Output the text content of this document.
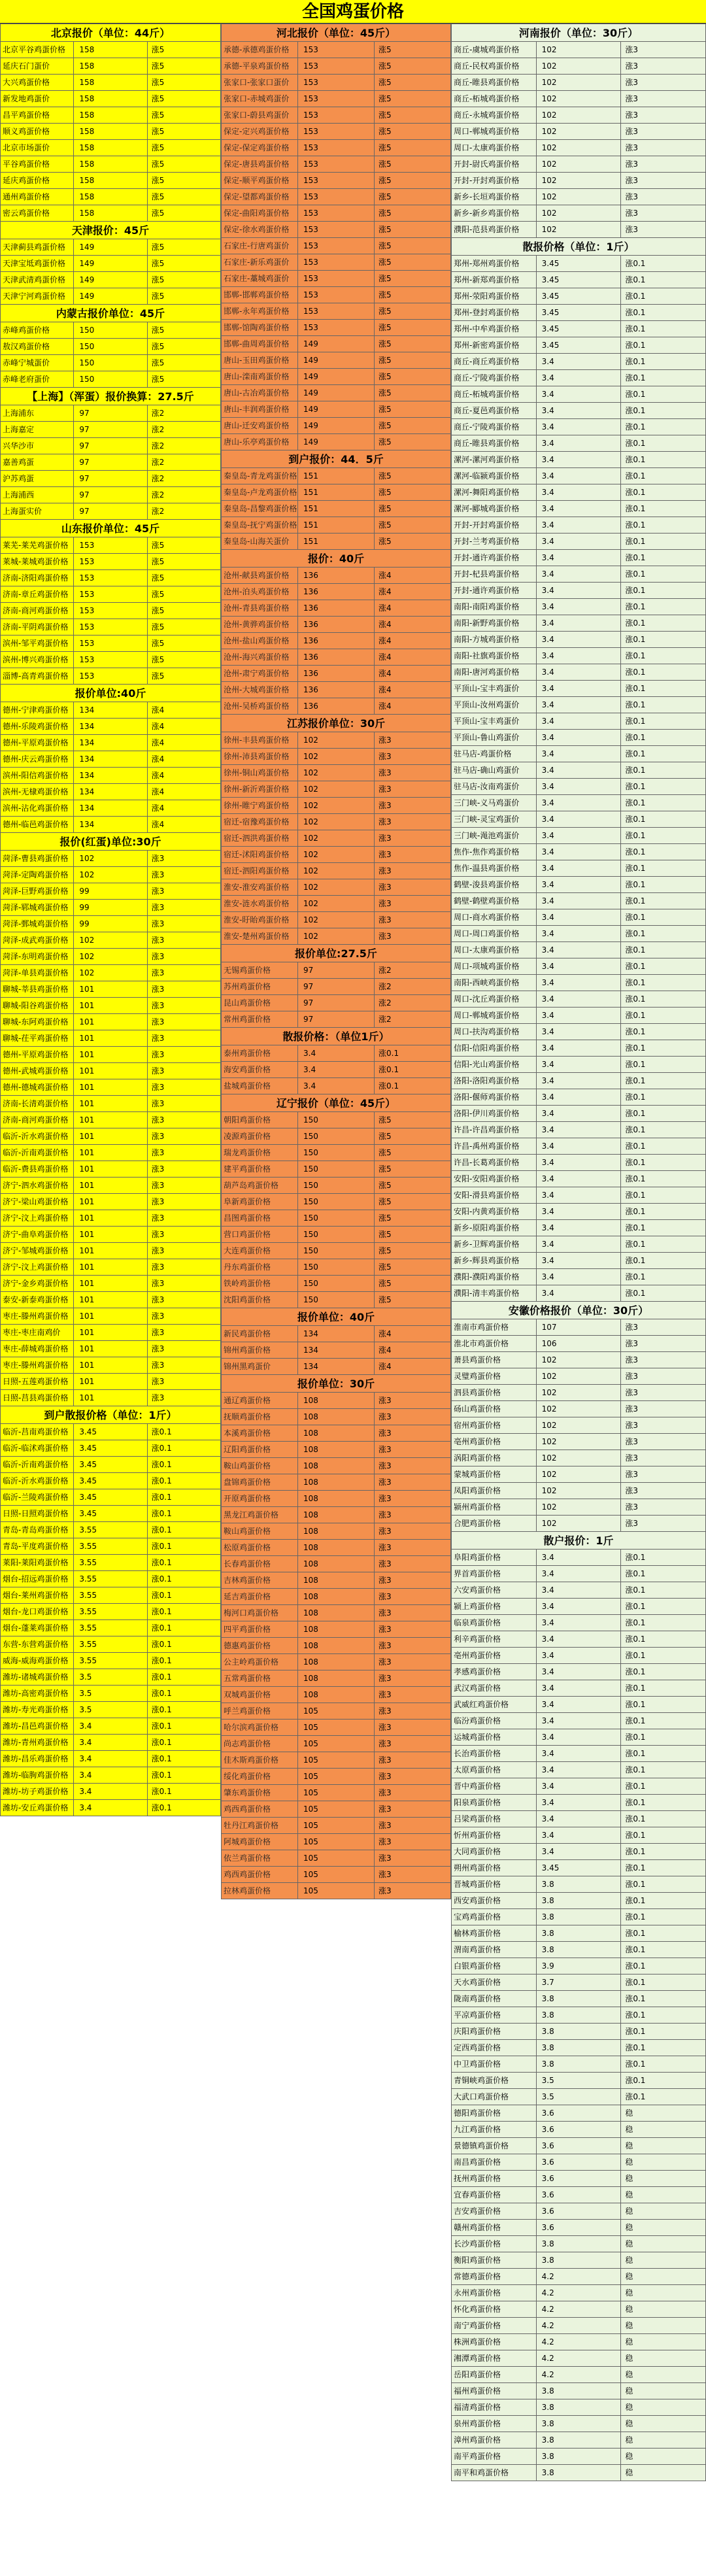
全国鸡蛋价格
北京报价（单位：44斤）		
北京平谷鸡蛋价格	158	涨5
延庆石门蛋价	158	涨5
大兴鸡蛋价格	158	涨5
新发地鸡蛋价	158	涨5
昌平鸡蛋价格	158	涨5
顺义鸡蛋价格	158	涨5
北京市场蛋价	158	涨5
平谷鸡蛋价格	158	涨5
延庆鸡蛋价格	158	涨5
通州鸡蛋价格	158	涨5
密云鸡蛋价格	158	涨5
天津报价：45斤		
天津蓟县鸡蛋价格	149	涨5
天津宝坻鸡蛋价格	149	涨5
天津武清鸡蛋价格	149	涨5
天津宁河鸡蛋价格	149	涨5
内蒙古报价单位：45斤		
赤峰鸡蛋价格	150	涨5
敖汉鸡蛋价格	150	涨5
赤峰宁城蛋价	150	涨5
赤峰老府蛋价	150	涨5
【上海】（浑蛋）报价换算：27.5斤		
上海浦东	97	涨2
上海嘉定	97	涨2
兴华沙市	97	涨2
嘉善鸡蛋	97	涨2
沪苏鸡蛋	97	涨2
上海浦西	97	涨2
上海蛋实价	97	涨2
山东报价单位：45斤		
莱芜-莱芜鸡蛋价格	153	涨5
莱城-莱城鸡蛋价格	153	涨5
济南-济阳鸡蛋价格	153	涨5
济南-章丘鸡蛋价格	153	涨5
济南-商河鸡蛋价格	153	涨5
济南-平阴鸡蛋价格	153	涨5
滨州-邹平鸡蛋价格	153	涨5
滨州-博兴鸡蛋价格	153	涨5
淄博-高青鸡蛋价格	153	涨5
报价单位:40斤		
德州-宁津鸡蛋价格	134	涨4
德州-乐陵鸡蛋价格	134	涨4
德州-平原鸡蛋价格	134	涨4
德州-庆云鸡蛋价格	134	涨4
滨州-阳信鸡蛋价格	134	涨4
滨州-无棣鸡蛋价格	134	涨4
滨州-沾化鸡蛋价格	134	涨4
德州-临邑鸡蛋价格	134	涨4
报价(红蛋)单位:30斤		
菏泽-曹县鸡蛋价格	102	涨3
菏泽-定陶鸡蛋价格	102	涨3
菏泽-巨野鸡蛋价格	99	涨3
菏泽-郓城鸡蛋价格	99	涨3
菏泽-鄄城鸡蛋价格	99	涨3
菏泽-成武鸡蛋价格	102	涨3
菏泽-东明鸡蛋价格	102	涨3
菏泽-单县鸡蛋价格	102	涨3
聊城-莘县鸡蛋价格	101	涨3
聊城-阳谷鸡蛋价格	101	涨3
聊城-东阿鸡蛋价格	101	涨3
聊城-茌平鸡蛋价格	101	涨3
德州-平原鸡蛋价格	101	涨3
德州-武城鸡蛋价格	101	涨3
德州-德城鸡蛋价格	101	涨3
济南-长清鸡蛋价格	101	涨3
济南-商河鸡蛋价格	101	涨3
临沂-沂水鸡蛋价格	101	涨3
临沂-沂南鸡蛋价格	101	涨3
临沂-费县鸡蛋价格	101	涨3
济宁-泗水鸡蛋价格	101	涨3
济宁-梁山鸡蛋价格	101	涨3
济宁-汶上鸡蛋价格	101	涨3
济宁-曲阜鸡蛋价格	101	涨3
济宁-邹城鸡蛋价格	101	涨3
济宁-汶上鸡蛋价格	101	涨3
济宁-金乡鸡蛋价格	101	涨3
泰安-新泰鸡蛋价格	101	涨3
枣庄-滕州鸡蛋价格	101	涨3
枣庄-枣庄南鸡价	101	涨3
枣庄-薛城鸡蛋价格	101	涨3
枣庄-滕州鸡蛋价格	101	涨3
日照-五莲鸡蛋价格	101	涨3
日照-莒县鸡蛋价格	101	涨3
到户散报价格（单位：1斤）		
临沂-莒南鸡蛋价格	3.45	涨0.1
临沂-临沭鸡蛋价格	3.45	涨0.1
临沂-沂南鸡蛋价格	3.45	涨0.1
临沂-沂水鸡蛋价格	3.45	涨0.1
临沂-兰陵鸡蛋价格	3.45	涨0.1
日照-日照鸡蛋价格	3.45	涨0.1
青岛-青岛鸡蛋价格	3.55	涨0.1
青岛-平度鸡蛋价格	3.55	涨0.1
莱阳-莱阳鸡蛋价格	3.55	涨0.1
烟台-招远鸡蛋价格	3.55	涨0.1
烟台-莱州鸡蛋价格	3.55	涨0.1
烟台-龙口鸡蛋价格	3.55	涨0.1
烟台-蓬莱鸡蛋价格	3.55	涨0.1
东营-东营鸡蛋价格	3.55	涨0.1
威海-威海鸡蛋价格	3.55	涨0.1
潍坊-诸城鸡蛋价格	3.5	涨0.1
潍坊-高密鸡蛋价格	3.5	涨0.1
潍坊-寿光鸡蛋价格	3.5	涨0.1
潍坊-昌邑鸡蛋价格	3.4	涨0.1
潍坊-青州鸡蛋价格	3.4	涨0.1
潍坊-昌乐鸡蛋价格	3.4	涨0.1
潍坊-临朐鸡蛋价格	3.4	涨0.1
潍坊-坊子鸡蛋价格	3.4	涨0.1
潍坊-安丘鸡蛋价格	3.4	涨0.1
河北报价（单位：45斤）		
承德-承德鸡蛋价格	153	涨5
承德-平泉鸡蛋价格	153	涨5
张家口-张家口蛋价	153	涨5
张家口-赤城鸡蛋价	153	涨5
张家口-蔚县鸡蛋价	153	涨5
保定-定兴鸡蛋价格	153	涨5
保定-保定鸡蛋价格	153	涨5
保定-唐县鸡蛋价格	153	涨5
保定-顺平鸡蛋价格	153	涨5
保定-望都鸡蛋价格	153	涨5
保定-曲阳鸡蛋价格	153	涨5
保定-徐水鸡蛋价格	153	涨5
石家庄-行唐鸡蛋价	153	涨5
石家庄-新乐鸡蛋价	153	涨5
石家庄-藁城鸡蛋价	153	涨5
邯郸-邯郸鸡蛋价格	153	涨5
邯郸-永年鸡蛋价格	153	涨5
邯郸-馆陶鸡蛋价格	153	涨5
邯郸-曲周鸡蛋价格	149	涨5
唐山-玉田鸡蛋价格	149	涨5
唐山-滦南鸡蛋价格	149	涨5
唐山-古冶鸡蛋价格	149	涨5
唐山-丰润鸡蛋价格	149	涨5
唐山-迁安鸡蛋价格	149	涨5
唐山-乐亭鸡蛋价格	149	涨5
到户报价：44．5斤		
秦皇岛-青龙鸡蛋价格	151	涨5
秦皇岛-卢龙鸡蛋价格	151	涨5
秦皇岛-昌黎鸡蛋价格	151	涨5
秦皇岛-抚宁鸡蛋价格	151	涨5
秦皇岛-山海关蛋价	151	涨5
报价：40斤		
沧州-献县鸡蛋价格	136	涨4
沧州-泊头鸡蛋价格	136	涨4
沧州-青县鸡蛋价格	136	涨4
沧州-黄骅鸡蛋价格	136	涨4
沧州-盐山鸡蛋价格	136	涨4
沧州-海兴鸡蛋价格	136	涨4
沧州-肃宁鸡蛋价格	136	涨4
沧州-大城鸡蛋价格	136	涨4
沧州-吴桥鸡蛋价格	136	涨4
江苏报价单位：30斤		
徐州-丰县鸡蛋价格	102	涨3
徐州-沛县鸡蛋价格	102	涨3
徐州-铜山鸡蛋价格	102	涨3
徐州-新沂鸡蛋价格	102	涨3
徐州-睢宁鸡蛋价格	102	涨3
宿迁-宿豫鸡蛋价格	102	涨3
宿迁-泗洪鸡蛋价格	102	涨3
宿迁-沭阳鸡蛋价格	102	涨3
宿迁-泗阳鸡蛋价格	102	涨3
淮安-淮安鸡蛋价格	102	涨3
淮安-涟水鸡蛋价格	102	涨3
淮安-盱眙鸡蛋价格	102	涨3
淮安-楚州鸡蛋价格	102	涨3
报价单位:27.5斤		
无锡鸡蛋价格	97	涨2
苏州鸡蛋价格	97	涨2
昆山鸡蛋价格	97	涨2
常州鸡蛋价格	97	涨2
散报价格：（单位1斤）		
泰州鸡蛋价格	3.4	涨0.1
海安鸡蛋价格	3.4	涨0.1
盐城鸡蛋价格	3.4	涨0.1
辽宁报价（单位：45斤）		
朝阳鸡蛋价格	150	涨5
凌源鸡蛋价格	150	涨5
瑞龙鸡蛋价格	150	涨5
建平鸡蛋价格	150	涨5
葫芦岛鸡蛋价格	150	涨5
阜新鸡蛋价格	150	涨5
昌图鸡蛋价格	150	涨5
营口鸡蛋价格	150	涨5
大连鸡蛋价格	150	涨5
丹东鸡蛋价格	150	涨5
铁岭鸡蛋价格	150	涨5
沈阳鸡蛋价格	150	涨5
报价单位：40斤		
新民鸡蛋价格	134	涨4
锦州鸡蛋价格	134	涨4
锦州黑鸡蛋价	134	涨4
报价单位：30斤		
通辽鸡蛋价格	108	涨3
抚顺鸡蛋价格	108	涨3
本溪鸡蛋价格	108	涨3
辽阳鸡蛋价格	108	涨3
鞍山鸡蛋价格	108	涨3
盘锦鸡蛋价格	108	涨3
开原鸡蛋价格	108	涨3
黑龙江鸡蛋价格	108	涨3
鞍山鸡蛋价格	108	涨3
松原鸡蛋价格	108	涨3
长春鸡蛋价格	108	涨3
吉林鸡蛋价格	108	涨3
延吉鸡蛋价格	108	涨3
梅河口鸡蛋价格	108	涨3
四平鸡蛋价格	108	涨3
德惠鸡蛋价格	108	涨3
公主岭鸡蛋价格	108	涨3
五常鸡蛋价格	108	涨3
双城鸡蛋价格	108	涨3
呼兰鸡蛋价格	105	涨3
哈尔滨鸡蛋价格	105	涨3
尚志鸡蛋价格	105	涨3
佳木斯鸡蛋价格	105	涨3
绥化鸡蛋价格	105	涨3
肇东鸡蛋价格	105	涨3
鸡西鸡蛋价格	105	涨3
牡丹江鸡蛋价格	105	涨3
阿城鸡蛋价格	105	涨3
依兰鸡蛋价格	105	涨3
鸡西鸡蛋价格	105	涨3
拉林鸡蛋价格	105	涨3
河南报价（单位：30斤）		
商丘-虞城鸡蛋价格	102	涨3
商丘-民权鸡蛋价格	102	涨3
商丘-睢县鸡蛋价格	102	涨3
商丘-柘城鸡蛋价格	102	涨3
商丘-永城鸡蛋价格	102	涨3
周口-郸城鸡蛋价格	102	涨3
周口-太康鸡蛋价格	102	涨3
开封-尉氏鸡蛋价格	102	涨3
开封-开封鸡蛋价格	102	涨3
新乡-长垣鸡蛋价格	102	涨3
新乡-新乡鸡蛋价格	102	涨3
濮阳-范县鸡蛋价格	102	涨3
散报价格（单位：1斤）		
郑州-郑州鸡蛋价格	3.45	涨0.1
郑州-新郑鸡蛋价格	3.45	涨0.1
郑州-荥阳鸡蛋价格	3.45	涨0.1
郑州-登封鸡蛋价格	3.45	涨0.1
郑州-中牟鸡蛋价格	3.45	涨0.1
郑州-新密鸡蛋价格	3.45	涨0.1
商丘-商丘鸡蛋价格	3.4	涨0.1
商丘-宁陵鸡蛋价格	3.4	涨0.1
商丘-柘城鸡蛋价格	3.4	涨0.1
商丘-夏邑鸡蛋价格	3.4	涨0.1
商丘-宁陵鸡蛋价格	3.4	涨0.1
商丘-睢县鸡蛋价格	3.4	涨0.1
漯河-漯河鸡蛋价格	3.4	涨0.1
漯河-临颍鸡蛋价格	3.4	涨0.1
漯河-舞阳鸡蛋价格	3.4	涨0.1
漯河-郾城鸡蛋价格	3.4	涨0.1
开封-开封鸡蛋价格	3.4	涨0.1
开封-兰考鸡蛋价格	3.4	涨0.1
开封-通许鸡蛋价格	3.4	涨0.1
开封-杞县鸡蛋价格	3.4	涨0.1
开封-通许鸡蛋价格	3.4	涨0.1
南阳-南阳鸡蛋价格	3.4	涨0.1
南阳-新野鸡蛋价格	3.4	涨0.1
南阳-方城鸡蛋价格	3.4	涨0.1
南阳-社旗鸡蛋价格	3.4	涨0.1
南阳-唐河鸡蛋价格	3.4	涨0.1
平顶山-宝丰鸡蛋价	3.4	涨0.1
平顶山-汝州鸡蛋价	3.4	涨0.1
平顶山-宝丰鸡蛋价	3.4	涨0.1
平顶山-鲁山鸡蛋价	3.4	涨0.1
驻马店-鸡蛋价格	3.4	涨0.1
驻马店-确山鸡蛋价	3.4	涨0.1
驻马店-汝南鸡蛋价	3.4	涨0.1
三门峡-义马鸡蛋价	3.4	涨0.1
三门峡-灵宝鸡蛋价	3.4	涨0.1
三门峡-渑池鸡蛋价	3.4	涨0.1
焦作-焦作鸡蛋价格	3.4	涨0.1
焦作-温县鸡蛋价格	3.4	涨0.1
鹤壁-浚县鸡蛋价格	3.4	涨0.1
鹤壁-鹤壁鸡蛋价格	3.4	涨0.1
周口-商水鸡蛋价格	3.4	涨0.1
周口-周口鸡蛋价格	3.4	涨0.1
周口-太康鸡蛋价格	3.4	涨0.1
周口-项城鸡蛋价格	3.4	涨0.1
南阳-西峡鸡蛋价格	3.4	涨0.1
周口-沈丘鸡蛋价格	3.4	涨0.1
周口-郸城鸡蛋价格	3.4	涨0.1
周口-扶沟鸡蛋价格	3.4	涨0.1
信阳-信阳鸡蛋价格	3.4	涨0.1
信阳-光山鸡蛋价格	3.4	涨0.1
洛阳-洛阳鸡蛋价格	3.4	涨0.1
洛阳-偃师鸡蛋价格	3.4	涨0.1
洛阳-伊川鸡蛋价格	3.4	涨0.1
许昌-许昌鸡蛋价格	3.4	涨0.1
许昌-禹州鸡蛋价格	3.4	涨0.1
许昌-长葛鸡蛋价格	3.4	涨0.1
安阳-安阳鸡蛋价格	3.4	涨0.1
安阳-滑县鸡蛋价格	3.4	涨0.1
安阳-内黄鸡蛋价格	3.4	涨0.1
新乡-原阳鸡蛋价格	3.4	涨0.1
新乡-卫辉鸡蛋价格	3.4	涨0.1
新乡-辉县鸡蛋价格	3.4	涨0.1
濮阳-濮阳鸡蛋价格	3.4	涨0.1
濮阳-清丰鸡蛋价格	3.4	涨0.1
安徽价格报价（单位：30斤）		
淮南市鸡蛋价格	107	涨3
淮北市鸡蛋价格	106	涨3
萧县鸡蛋价格	102	涨3
灵璧鸡蛋价格	102	涨3
泗县鸡蛋价格	102	涨3
砀山鸡蛋价格	102	涨3
宿州鸡蛋价格	102	涨3
亳州鸡蛋价格	102	涨3
涡阳鸡蛋价格	102	涨3
蒙城鸡蛋价格	102	涨3
凤阳鸡蛋价格	102	涨3
颍州鸡蛋价格	102	涨3
合肥鸡蛋价格	102	涨3
散户报价：1斤		
阜阳鸡蛋价格	3.4	涨0.1
界首鸡蛋价格	3.4	涨0.1
六安鸡蛋价格	3.4	涨0.1
颍上鸡蛋价格	3.4	涨0.1
临泉鸡蛋价格	3.4	涨0.1
利辛鸡蛋价格	3.4	涨0.1
亳州鸡蛋价格	3.4	涨0.1
孝感鸡蛋价格	3.4	涨0.1
武汉鸡蛋价格	3.4	涨0.1
武威红鸡蛋价格	3.4	涨0.1
临汾鸡蛋价格	3.4	涨0.1
运城鸡蛋价格	3.4	涨0.1
长治鸡蛋价格	3.4	涨0.1
太原鸡蛋价格	3.4	涨0.1
晋中鸡蛋价格	3.4	涨0.1
阳泉鸡蛋价格	3.4	涨0.1
吕梁鸡蛋价格	3.4	涨0.1
忻州鸡蛋价格	3.4	涨0.1
大同鸡蛋价格	3.4	涨0.1
朔州鸡蛋价格	3.45	涨0.1
晋城鸡蛋价格	3.8	涨0.1
西安鸡蛋价格	3.8	涨0.1
宝鸡鸡蛋价格	3.8	涨0.1
榆林鸡蛋价格	3.8	涨0.1
渭南鸡蛋价格	3.8	涨0.1
白银鸡蛋价格	3.9	涨0.1
天水鸡蛋价格	3.7	涨0.1
陇南鸡蛋价格	3.8	涨0.1
平凉鸡蛋价格	3.8	涨0.1
庆阳鸡蛋价格	3.8	涨0.1
定西鸡蛋价格	3.8	涨0.1
中卫鸡蛋价格	3.8	涨0.1
青铜峡鸡蛋价格	3.5	涨0.1
大武口鸡蛋价格	3.5	涨0.1
德阳鸡蛋价格	3.6	稳
九江鸡蛋价格	3.6	稳
景德镇鸡蛋价格	3.6	稳
南昌鸡蛋价格	3.6	稳
抚州鸡蛋价格	3.6	稳
宜春鸡蛋价格	3.6	稳
吉安鸡蛋价格	3.6	稳
赣州鸡蛋价格	3.6	稳
长沙鸡蛋价格	3.8	稳
衡阳鸡蛋价格	3.8	稳
常德鸡蛋价格	4.2	稳
永州鸡蛋价格	4.2	稳
怀化鸡蛋价格	4.2	稳
南宁鸡蛋价格	4.2	稳
株洲鸡蛋价格	4.2	稳
湘潭鸡蛋价格	4.2	稳
岳阳鸡蛋价格	4.2	稳
福州鸡蛋价格	3.8	稳
福清鸡蛋价格	3.8	稳
泉州鸡蛋价格	3.8	稳
漳州鸡蛋价格	3.8	稳
南平鸡蛋价格	3.8	稳
南平和鸡蛋价格	3.8	稳
